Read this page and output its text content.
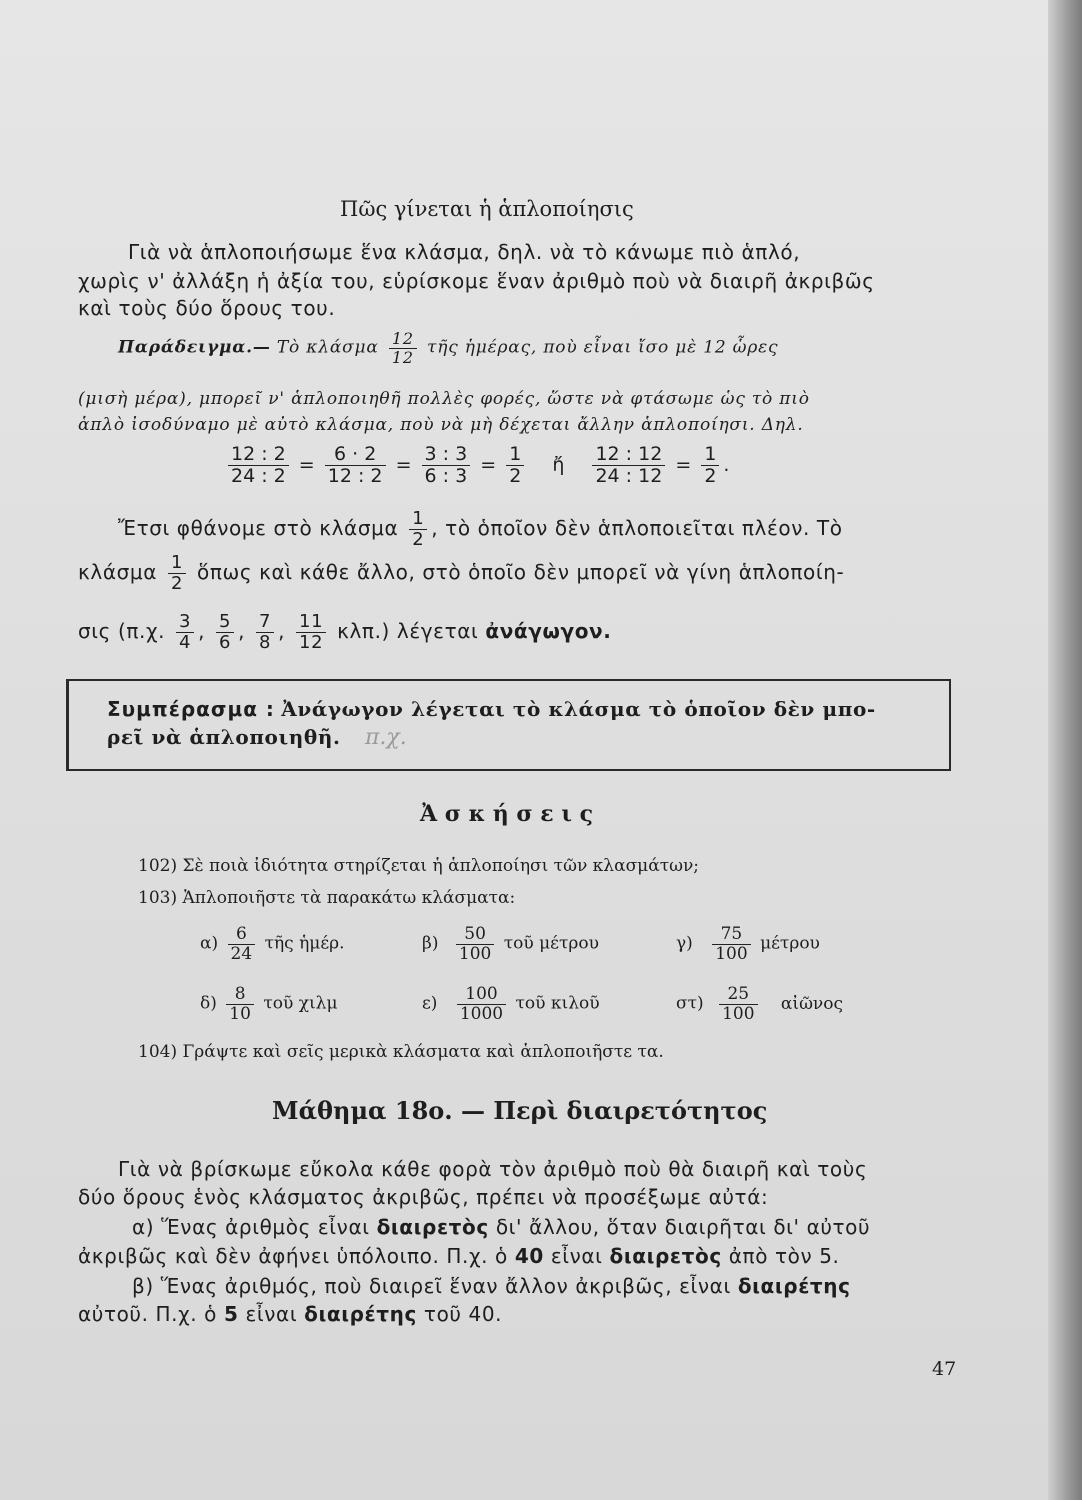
Πῶς γίνεται ἡ ἁπλοποίησις
Γιὰ νὰ ἁπλοποιήσωμε ἕνα κλάσμα, δηλ. νὰ τὸ κάνωμε πιὸ ἁπλό,
χωρὶς ν' ἀλλάξη ἡ ἀξία του, εὑρίσκομε ἕναν ἀριθμὸ ποὺ νὰ διαιρῆ ἀκριβῶς
καὶ τοὺς δύο ὅρους του.
Παράδειγμα.— Τὸ κλάσμα $\frac{12}{12}$ τῆς ἡμέρας, ποὺ εἶναι ἴσο μὲ 12 ὧρες
(μισὴ μέρα), μπορεῖ ν' ἁπλοποιηθῆ πολλὲς φορές, ὥστε νὰ φτάσωμε ὡς τὸ πιὸ
ἁπλὸ ἰσοδύναμο μὲ αὐτὸ κλάσμα, ποὺ νὰ μὴ δέχεται ἄλλην ἁπλοποίησι. Δηλ.
$\frac{12 : 2}{24 : 2} = \frac{6 \cdot 2}{12 : 2} = \frac{3 : 3}{6 : 3} = \frac{1}{2}$ ἤ $\frac{12 : 12}{24 : 12} = \frac{1}{2}$ .
Ἔτσι φθάνομε στὸ κλάσμα $\frac{1}{2}$ , τὸ ὁποῖον δὲν ἁπλοποιεῖται πλέον. Τὸ
κλάσμα $\frac{1}{2}$ ὅπως καὶ κάθε ἄλλο, στὸ ὁποῖο δὲν μπορεῖ νὰ γίνη ἁπλοποίη-
σις (π.χ. $\frac{3}{4}$ , $\frac{5}{6}$ , $\frac{7}{8}$ , $\frac{11}{12} \kappa\lambda\pi$.) λέγεται ἀνάγωγον.
Συμπέρασμα : Ἀνάγωγον λέγεται τὸ κλάσμα τὸ ὁποῖον δὲν μπο-
ρεῖ νὰ ἁπλοποιηθῆ. π.χ.
Ἀ σ κ ή σ ε ι ς
102) Σὲ ποιὰ ἰδιότητα στηρίζεται ἡ ἁπλοποίησι τῶν κλασμάτων;
103) Ἁπλοποιῆστε τὰ παρακάτω κλάσματα:
$\alpha) \frac{6}{24}$ τῆς ἡμέρ.	$\beta) \frac{50}{100}$ τοῦ μέτρου	$\gamma) \frac{75}{100}$ μέτρου
$\delta) \frac{8}{10}$ τοῦ χιλμ	$\varepsilon) \frac{100}{1000}$ τοῦ κιλοῦ	$\sigma\tau) \frac{25}{100}$ αἰῶνος
104) Γράψτε καὶ σεῖς μερικὰ κλάσματα καὶ ἁπλοποιῆστε τα.
Μάθημα 18ο. — Περὶ διαιρετότητος
Γιὰ νὰ βρίσκωμε εὔκολα κάθε φορὰ τὸν ἀριθμὸ ποὺ θὰ διαιρῆ καὶ τοὺς
δύο ὅρους ἑνὸς κλάσματος ἀκριβῶς, πρέπει νὰ προσέξωμε αὐτά:
α) Ἕνας ἀριθμὸς εἶναι διαιρετὸς δι' ἄλλου, ὅταν διαιρῆται δι' αὐτοῦ
ἀκριβῶς καὶ δὲν ἀφήνει ὑπόλοιπο. Π.χ. ὁ 40 εἶναι διαιρετὸς ἀπὸ τὸν 5.
β) Ἕνας ἀριθμός, ποὺ διαιρεῖ ἕναν ἄλλον ἀκριβῶς, εἶναι διαιρέτης
αὐτοῦ. Π.χ. ὁ 5 εἶναι διαιρέτης τοῦ 40.
47
